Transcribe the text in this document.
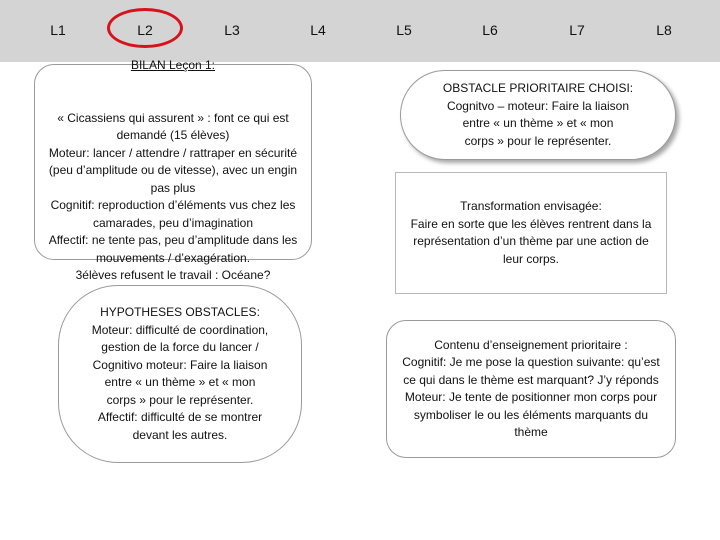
L1	L2	L3	L4	L5	L6	L7	L8

BILAN Leçon 1:

« Cicassiens qui assurent » : font ce qui est
demandé (15 élèves)
Moteur: lancer / attendre / rattraper en sécurité
(peu d’amplitude ou de vitesse), avec un engin
pas plus
Cognitif: reproduction d’éléments vus chez les
camarades, peu d’imagination
Affectif: ne tente pas, peu d’amplitude dans les
mouvements / d’exagération.
3élèves refusent le travail : Océane?

HYPOTHESES OBSTACLES:
Moteur: difficulté de coordination,
gestion de la force du lancer /
Cognitivo moteur: Faire la liaison
entre « un thème » et « mon
corps » pour le représenter.
Affectif: difficulté de se montrer
devant les autres.
OBSTACLE PRIORITAIRE CHOISI:
Cognitvo – moteur: Faire la liaison
entre « un thème » et « mon
corps » pour le représenter.
Transformation envisagée:
Faire en sorte que les élèves rentrent dans la
représentation d’un thème par une action de
leur corps.
Contenu d’enseignement prioritaire :
Cognitif: Je me pose la question suivante: qu’est
ce qui dans le thème est marquant? J’y réponds
Moteur: Je tente de positionner mon corps pour
symboliser le ou les éléments marquants du
thème
